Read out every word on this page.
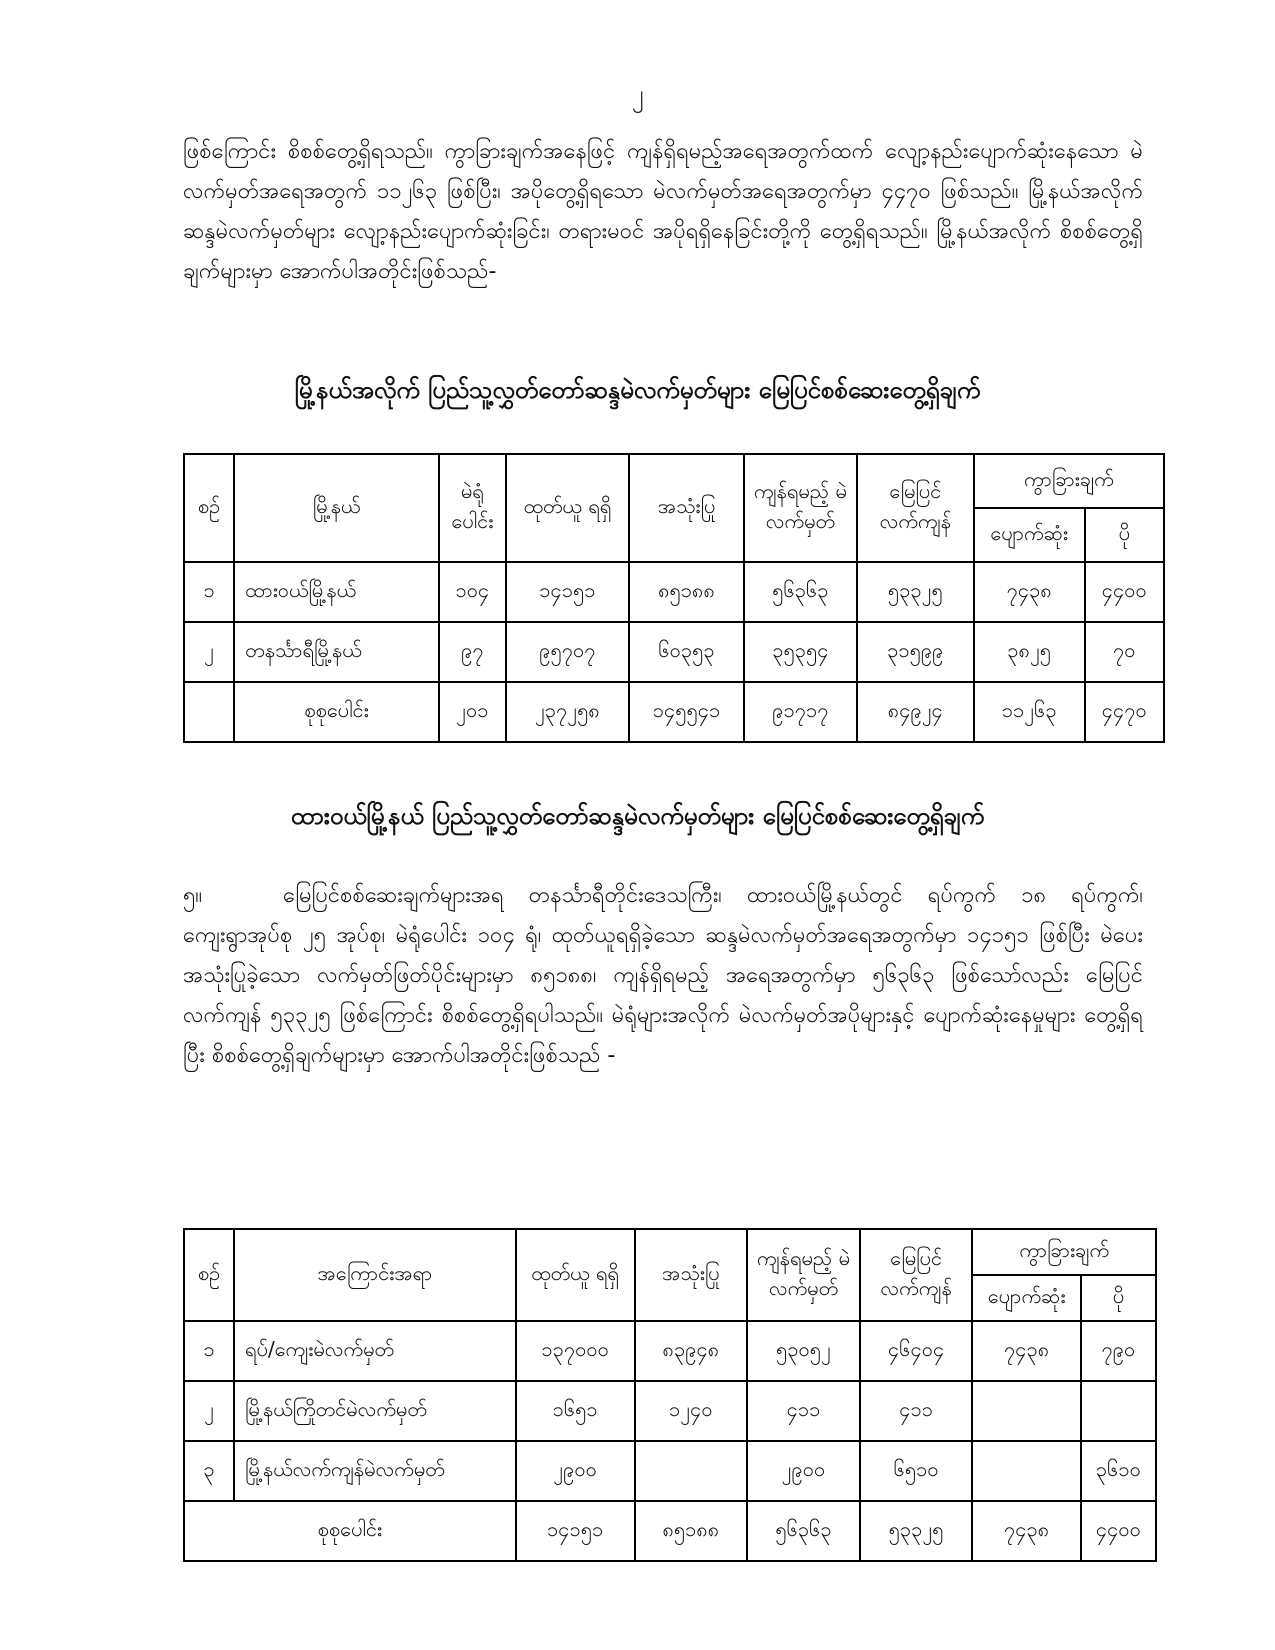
၂
ဖြစ်ကြောင်း စိစစ်တွေ့ရှိရသည်။ ကွာခြားချက်အနေဖြင့် ကျန်ရှိရမည့်အရေအတွက်ထက် လျော့နည်းပျောက်ဆုံးနေသော မဲလက်မှတ်အရေအတွက် ၁၁၂၆၃ ဖြစ်ပြီး၊ အပိုတွေ့ရှိရသော မဲလက်မှတ်အရေအတွက်မှာ ၄၄၇၀ ဖြစ်သည်။ မြို့နယ်အလိုက် ဆန္ဒမဲလက်မှတ်များ လျော့နည်းပျောက်ဆုံးခြင်း၊ တရားမဝင် အပိုရရှိနေခြင်းတို့ကို တွေ့ရှိရသည်။ မြို့နယ်အလိုက် စိစစ်တွေ့ရှိချက်များမှာ အောက်ပါအတိုင်းဖြစ်သည်-
မြို့နယ်အလိုက် ပြည်သူ့လွှတ်တော်ဆန္ဒမဲလက်မှတ်များ မြေပြင်စစ်ဆေးတွေ့ရှိချက်
စဉ်	မြို့နယ်	မဲရုံ ပေါင်း	ထုတ်ယူ ရရှိ	အသုံးပြု	ကျန်ရမည့် မဲလက်မှတ်	မြေပြင် လက်ကျန်	ကွာခြားချက်	
							ပျောက်ဆုံး	ပို
၁	ထားဝယ်မြို့နယ်	၁၀၄	၁၄၁၅၁	၈၅၁၈၈	၅၆၃၆၃	၅၃၃၂၅	၇၄၃၈	၄၄၀၀
၂	တနင်္သာရီမြို့နယ်	၉၇	၉၅၇၀၇	၆၀၃၅၃	၃၅၃၅၄	၃၁၅၉၉	၃၈၂၅	၇၀
	စုစုပေါင်း	၂၀၁	၂၃၇၂၅၈	၁၄၅၅၄၁	၉၁၇၁၇	၈၄၉၂၄	၁၁၂၆၃	၄၄၇၀
ထားဝယ်မြို့နယ် ပြည်သူ့လွှတ်တော်ဆန္ဒမဲလက်မှတ်များ မြေပြင်စစ်ဆေးတွေ့ရှိချက်
၅။	မြေပြင်စစ်ဆေးချက်များအရ တနင်္သာရီတိုင်းဒေသကြီး၊ ထားဝယ်မြို့နယ်တွင် ရပ်ကွက် ၁၈ ရပ်ကွက်၊ ကျေးရွာအုပ်စု ၂၅ အုပ်စု၊ မဲရုံပေါင်း ၁၀၄ ရုံ၊ ထုတ်ယူရရှိခဲ့သော ဆန္ဒမဲလက်မှတ်အရေအတွက်မှာ ၁၄၁၅၁ ဖြစ်ပြီး မဲပေးအသုံးပြုခဲ့သော လက်မှတ်ဖြတ်ပိုင်းများမှာ ၈၅၁၈၈၊ ကျန်ရှိရမည့် အရေအတွက်မှာ ၅၆၃၆၃ ဖြစ်သော်လည်း မြေပြင်လက်ကျန် ၅၃၃၂၅ ဖြစ်ကြောင်း စိစစ်တွေ့ရှိရပါသည်။ မဲရုံများအလိုက် မဲလက်မှတ်အပိုများနှင့် ပျောက်ဆုံးနေမှုများ တွေ့ရှိရပြီး စိစစ်တွေ့ရှိချက်များမှာ အောက်ပါအတိုင်းဖြစ်သည် -
စဉ်	အကြောင်းအရာ	ထုတ်ယူ ရရှိ	အသုံးပြု	ကျန်ရမည့် မဲလက်မှတ်	မြေပြင် လက်ကျန်	ကွာခြားချက်	
						ပျောက်ဆုံး	ပို
၁	ရပ်/ကျေးမဲလက်မှတ်	၁၃၇၀၀၀	၈၃၉၄၈	၅၃၀၅၂	၄၆၄၀၄	၇၄၃၈	၇၉၀
၂	မြို့နယ်ကြိုတင်မဲလက်မှတ်	၁၆၅၁	၁၂၄၀	၄၁၁	၄၁၁		
၃	မြို့နယ်လက်ကျန်မဲလက်မှတ်	၂၉၀၀		၂၉၀၀	၆၅၁၀		၃၆၁၀
စုစုပေါင်း		၁၄၁၅၁	၈၅၁၈၈	၅၆၃၆၃	၅၃၃၂၅	၇၄၃၈	၄၄၀၀
